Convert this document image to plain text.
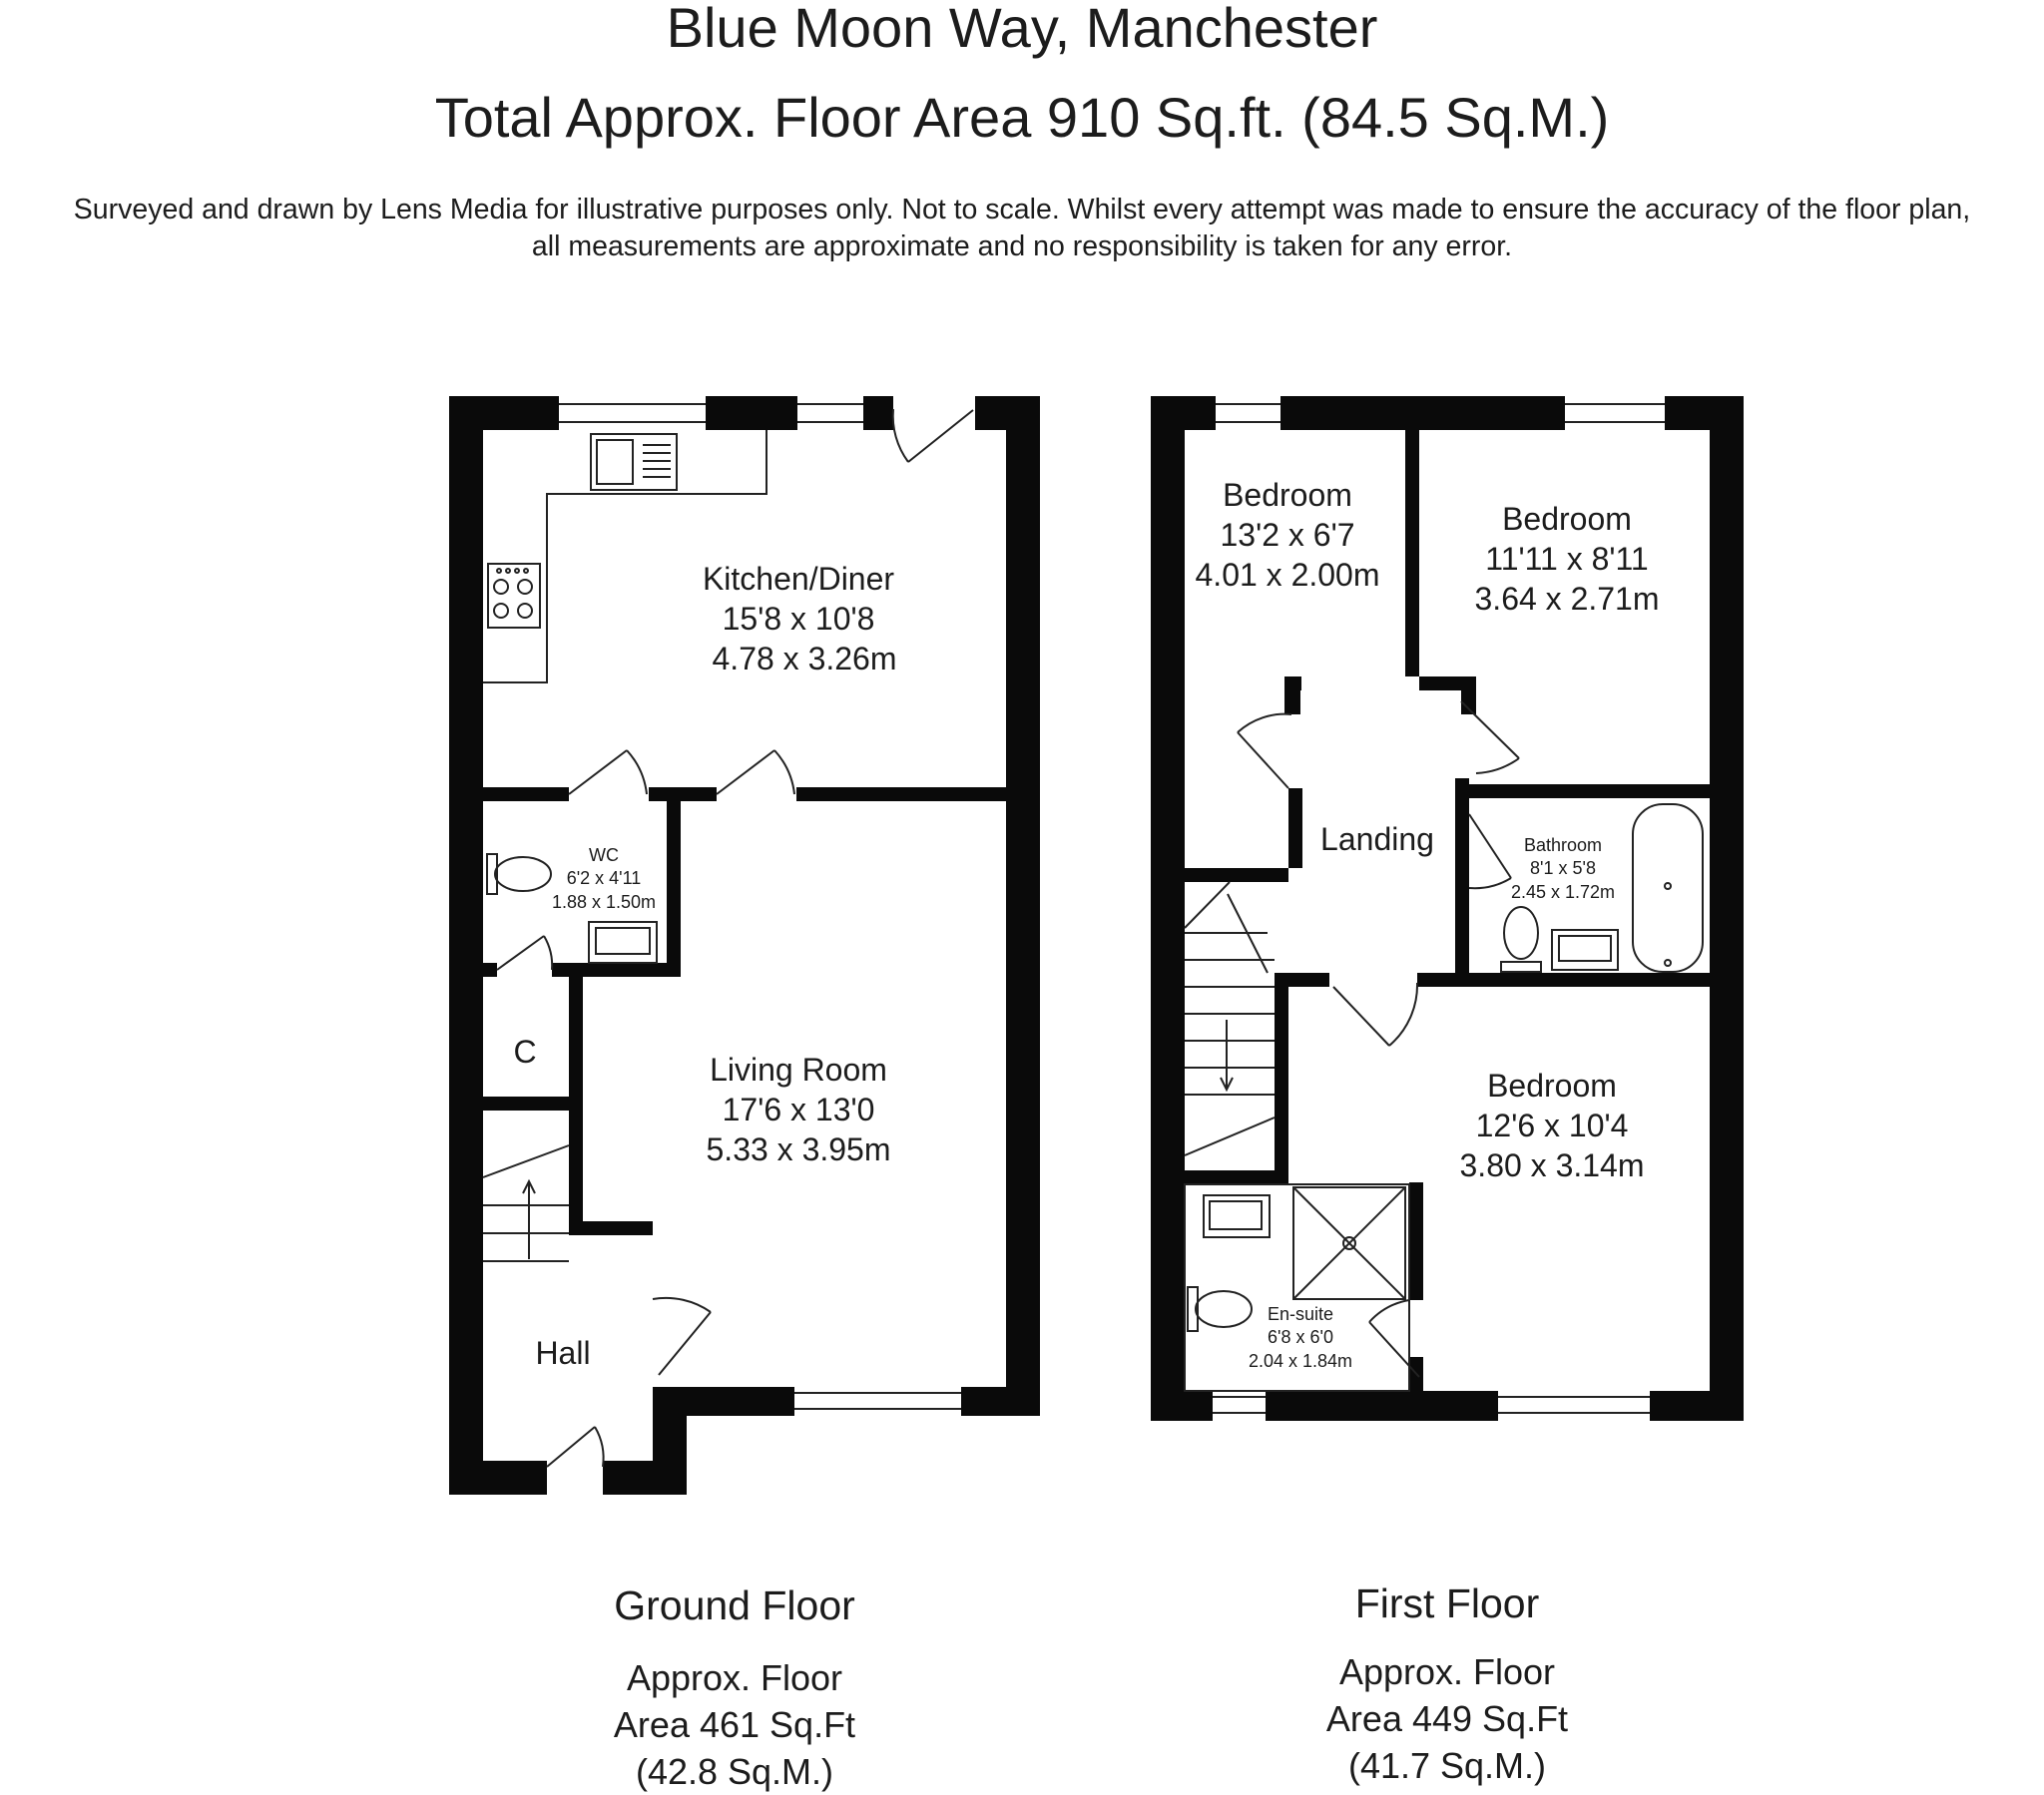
Blue Moon Way, Manchester
Total Approx. Floor Area 910 Sq.ft. (84.5 Sq.M.)
Surveyed and drawn by Lens Media for illustrative purposes only. Not to scale. Whilst every attempt was made to ensure the accuracy of the floor plan,
all measurements are approximate and no responsibility is taken for any error.
Kitchen/Diner
15'8 x 10'8
4.78 x 3.26m
WC
6'2 x 4'11
1.88 x 1.50m
C	Living Room
17'6 x 13'0
5.33 x 3.95m
Hall
Bedroom
13'2 x 6'7
4.01 x 2.00m
Bedroom
11'11 x 8'11
3.64 x 2.71m
Landing	Bathroom
8'1 x 5'8
2.45 x 1.72m
Bedroom
12'6 x 10'4
3.80 x 3.14m
En-suite
6'8 x 6'0
2.04 x 1.84m
Ground Floor
Approx. Floor
Area 461 Sq.Ft
(42.8 Sq.M.)
First Floor
Approx. Floor
Area 449 Sq.Ft
(41.7 Sq.M.)
